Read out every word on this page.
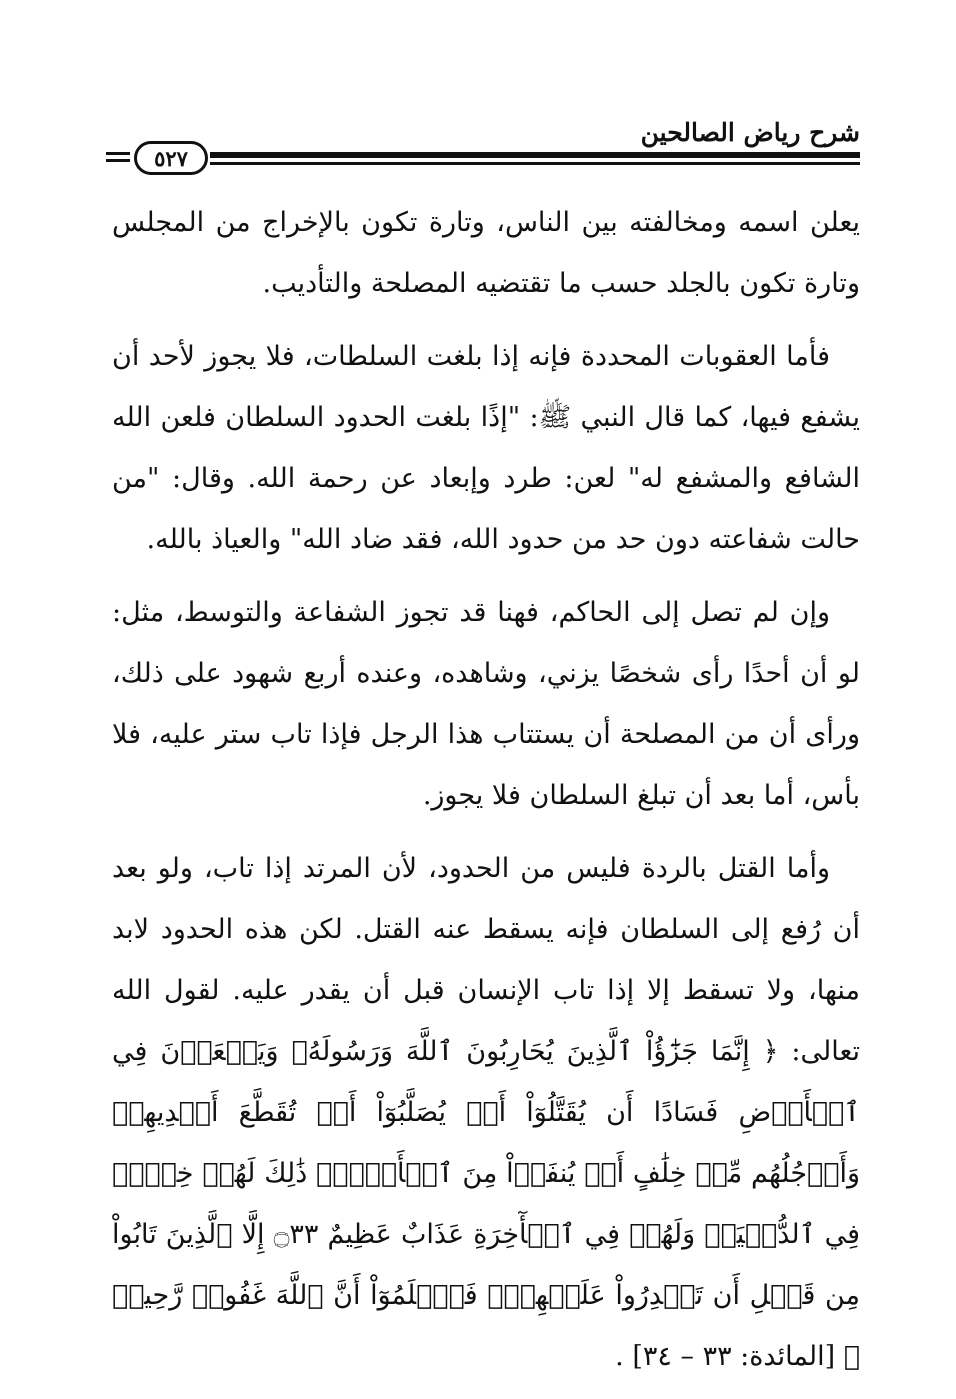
شرح رياض الصالحين
٥٢٧

يعلن اسمه ومخالفته بين الناس، وتارة تكون بالإخراج من المجلس وتارة تكون بالجلد حسب ما تقتضيه المصلحة والتأديب.

فأما العقوبات المحددة فإنه إذا بلغت السلطات، فلا يجوز لأحد أن يشفع فيها، كما قال النبي ﷺ: "إذًا بلغت الحدود السلطان فلعن الله الشافع والمشفع له" لعن: طرد وإبعاد عن رحمة الله. وقال: "من حالت شفاعته دون حد من حدود الله، فقد ضاد الله" والعياذ بالله.

وإن لم تصل إلى الحاكم، فهنا قد تجوز الشفاعة والتوسط، مثل: لو أن أحدًا رأى شخصًا يزني، وشاهده، وعنده أربع شهود على ذلك، ورأى أن من المصلحة أن يستتاب هذا الرجل فإذا تاب ستر عليه، فلا بأس، أما بعد أن تبلغ السلطان فلا يجوز.

وأما القتل بالردة فليس من الحدود، لأن المرتد إذا تاب، ولو بعد أن رُفع إلى السلطان فإنه يسقط عنه القتل. لكن هذه الحدود لابد منها، ولا تسقط إلا إذا تاب الإنسان قبل أن يقدر عليه. لقول الله تعالى: ﴿ إِنَّمَا جَزَٰٓؤُاْ ٱلَّذِينَ يُحَارِبُونَ ٱللَّهَ وَرَسُولَهُۥ وَيَسۡعَوۡنَ فِي ٱلۡأَرۡضِ فَسَادًا أَن يُقَتَّلُوٓاْ أَوۡ يُصَلَّبُوٓاْ أَوۡ تُقَطَّعَ أَيۡدِيهِمۡ وَأَرۡجُلُهُم مِّنۡ خِلَٰفٍ أَوۡ يُنفَوۡاْ مِنَ ٱلۡأَرۡضِۚ ذَٰلِكَ لَهُمۡ خِزۡيٞ فِي ٱلدُّنۡيَاۖ وَلَهُمۡ فِي ٱلۡأٓخِرَةِ عَذَابٌ عَظِيمٌ ۝٣٣ إِلَّا ٱلَّذِينَ تَابُواْ مِن قَبۡلِ أَن تَقۡدِرُواْ عَلَيۡهِمۡۖ فَٱعۡلَمُوٓاْ أَنَّ ٱللَّهَ غَفُورٞ رَّحِيمٞ ﴾ [المائدة: ٣٣ – ٣٤] .
